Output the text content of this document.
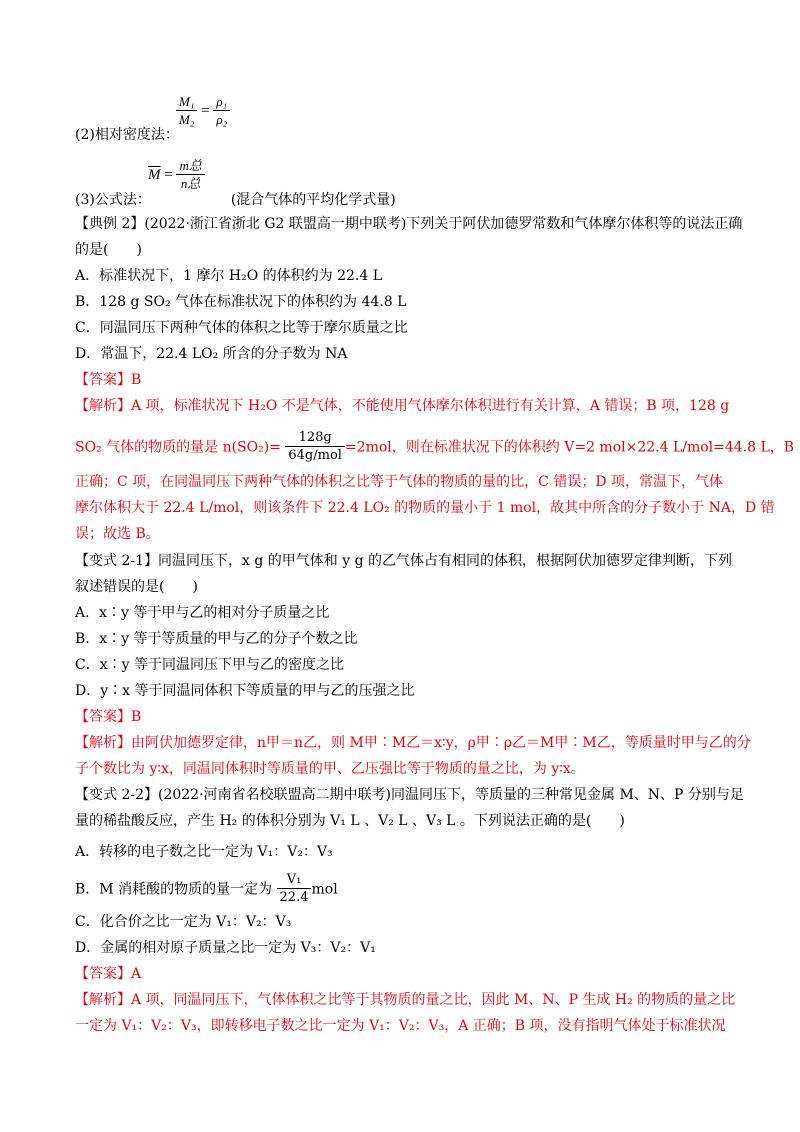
$\frac{\text{M₁}}{\text{M₂}} = \frac{\text{ρ₁}}{\text{ρ₂}}$
(2)相对密度法：
$\overline{M} = \frac{\text{m总}}{\text{n总}}$
(3)公式法：	(混合气体的平均化学式量)
【典例 2】(2022·浙江省浙北 G2 联盟高一期中联考)下列关于阿伏加德罗常数和气体摩尔体积等的说法正确
的是(　　)
A．标准状况下，1 摩尔 H₂O 的体积约为 22.4 L
B．128 g SO₂ 气体在标准状况下的体积约为 44.8 L
C．同温同压下两种气体的体积之比等于摩尔质量之比
D．常温下，22.4 LO₂ 所含的分子数为 NA
【答案】B
【解析】A 项，标准状况下 H₂O 不是气体，不能使用气体摩尔体积进行有关计算，A 错误；B 项，128 g
SO₂ 气体的物质的量是 $n(SO_2)= \frac{128g}{\text{64g/mol}} =2mol$，则在标准状况下的体积约 V=2 mol×22.4 L/mol=44.8 L，B
正确；C 项，在同温同压下两种气体的体积之比等于气体的物质的量的比，C 错误；D 项，常温下，气体
摩尔体积大于 22.4 L/mol，则该条件下 22.4 LO₂ 的物质的量小于 1 mol，故其中所含的分子数小于 NA，D 错
误；故选 B。
【变式 2-1】同温同压下，x g 的甲气体和 y g 的乙气体占有相同的体积，根据阿伏加德罗定律判断，下列
叙述错误的是(　　)
A．x∶y 等于甲与乙的相对分子质量之比
B．x∶y 等于等质量的甲与乙的分子个数之比
C．x∶y 等于同温同压下甲与乙的密度之比
D．y∶x 等于同温同体积下等质量的甲与乙的压强之比
【答案】B
【解析】由阿伏加德罗定律，n甲＝n乙，则 M甲∶M乙＝x∶y，ρ甲∶ρ乙＝M甲∶M乙，等质量时甲与乙的分
子个数比为 y∶x，同温同体积时等质量的甲、乙压强比等于物质的量之比，为 y∶x。
【变式 2-2】(2022·河南省名校联盟高二期中联考)同温同压下，等质量的三种常见金属 M、N、P 分别与足
量的稀盐酸反应，产生 H₂ 的体积分别为 V₁ L 、V₂ L 、V₃ L 。下列说法正确的是(　　)
A．转移的电子数之比一定为 V₁：V₂：V₃
B．M 消耗酸的物质的量一定为 $\frac{\text{V₁}}{22.4}$ mol
C．化合价之比一定为 V₁：V₂：V₃
D．金属的相对原子质量之比一定为 V₃：V₂：V₁
【答案】A
【解析】A 项，同温同压下，气体体积之比等于其物质的量之比，因此 M、N、P 生成 H₂ 的物质的量之比
一定为 V₁：V₂：V₃，即转移电子数之比一定为 V₁：V₂：V₃，A 正确；B 项，没有指明气体处于标准状况
